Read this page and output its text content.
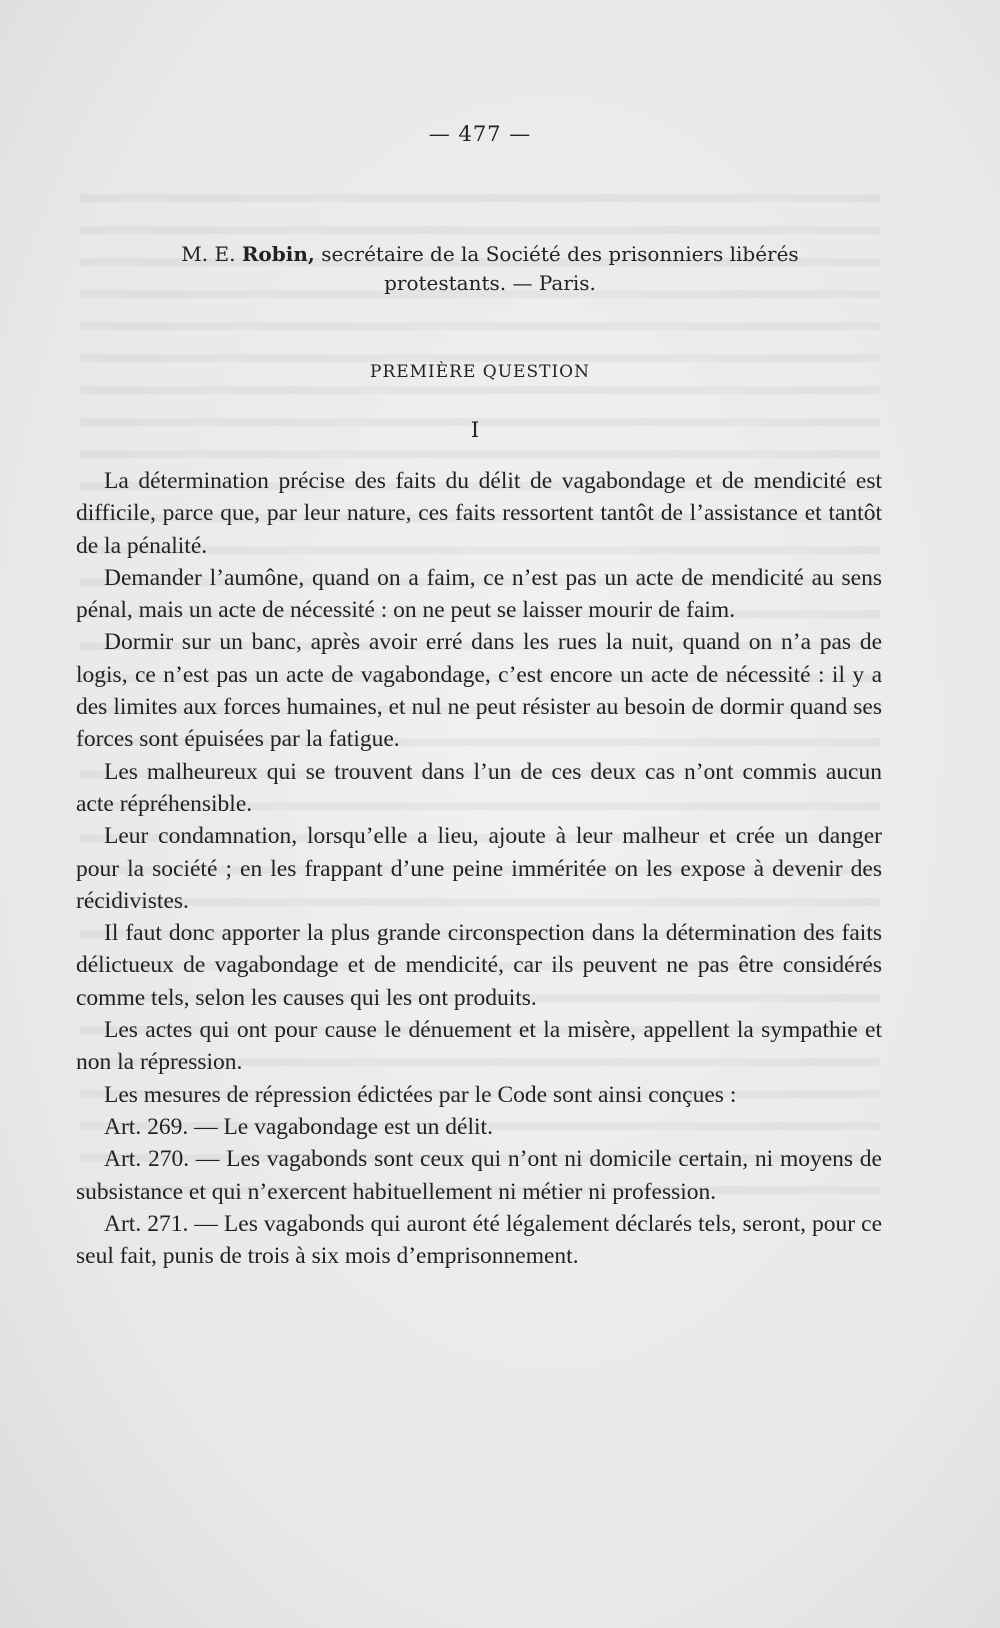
— 477 —
M. E. Robin, secrétaire de la Société des prisonniers libérés
protestants. — Paris.
PREMIÈRE QUESTION
I

La détermination précise des faits du délit de vagabondage et de mendicité est difficile, parce que, par leur nature, ces faits ressortent tantôt de l’assistance et tantôt de la pénalité.

Demander l’aumône, quand on a faim, ce n’est pas un acte de mendicité au sens pénal, mais un acte de nécessité : on ne peut se laisser mourir de faim.

Dormir sur un banc, après avoir erré dans les rues la nuit, quand on n’a pas de logis, ce n’est pas un acte de vagabondage, c’est encore un acte de nécessité : il y a des limites aux forces humaines, et nul ne peut résister au besoin de dormir quand ses forces sont épuisées par la fatigue.

Les malheureux qui se trouvent dans l’un de ces deux cas n’ont commis aucun acte répréhensible.

Leur condamnation, lorsqu’elle a lieu, ajoute à leur malheur et crée un danger pour la société ; en les frappant d’une peine imméritée on les expose à devenir des récidivistes.

Il faut donc apporter la plus grande circonspection dans la détermination des faits délictueux de vagabondage et de mendicité, car ils peuvent ne pas être considérés comme tels, selon les causes qui les ont produits.

Les actes qui ont pour cause le dénuement et la misère, appellent la sympathie et non la répression.

Les mesures de répression édictées par le Code sont ainsi conçues :

Art. 269. — Le vagabondage est un délit.

Art. 270. — Les vagabonds sont ceux qui n’ont ni domicile certain, ni moyens de subsistance et qui n’exercent habituellement ni métier ni profession.

Art. 271. — Les vagabonds qui auront été légalement déclarés tels, seront, pour ce seul fait, punis de trois à six mois d’emprisonnement.
